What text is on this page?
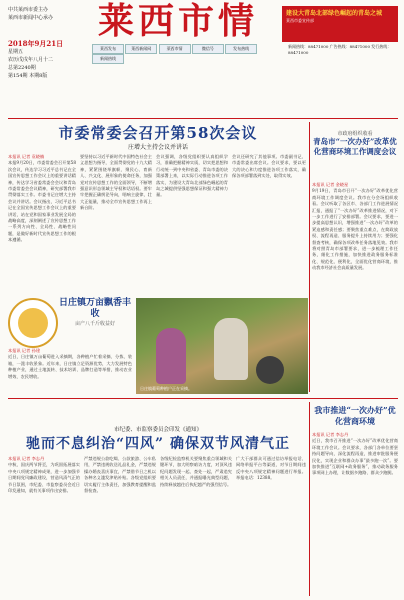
中共莱西市委主办
莱西市新闻中心承办	莱西市情	建设大青岛北部绿色崛起的青岛之城
莱西市委宣传部
2018年9月21日
星期五
农历戊戌年八月十二
总第2240期
第154期 本期8版
莱西发布	莱西新闻网	莱西市情	微信号	发布热线 新闻热线
新闻热线：88471000 广告热线：88471000 发行热线：88471000
市委常委会召开第58次会议
庄增大主持会议并讲话
本报讯 记者 袁晓楠
本报9月20日，市委常委会召开第58次会议，传达学习习近平总书记在全国宣传思想工作会议上的重要讲话精神，传达学习省委常委会会议和青岛市委常委会会议精神，研究部署我市贯彻落实工作。市委书记庄增大主持会议并讲话。会议指出，习近平总书记在全国宣传思想工作会议上的重要讲话，站在党和国家事业发展全局的战略高度，深刻阐述了宣传思想工作一系列方向性、全局性、战略性问题，是做好新时代宣传思想工作的根本遵循。
要坚持以习近平新时代中国特色社会主义思想为指导，全面贯彻党的十九大精神，紧紧围绕举旗帜、聚民心、育新人、兴文化、展形象的使命任务，加强党对宣传思想工作的全面领导，不断增强意识形态领域主导权和话语权。要牢牢把握正确舆论导向，唱响主旋律，壮大正能量，推动全市宣传思想工作再上新台阶。
会议强调，各级党组织要认真组织学习，准确把握精神实质，切实把思想和行动统一到中央和省委、青岛市委的决策部署上来，以实际行动推进各项工作落实，为建设大青岛北部绿色崛起的青岛之城提供坚强思想保证和强大精神力量。
会议还研究了其他事项。市委副书记、市委常委出席会议。会议要求，要以更大的决心和力度推进各项工作落实，确保各项部署落到实处，取得实效。
市政府组织收看
青岛市“一次办好”改革优化营商环境工作调度会议
本报讯 记者 金晓星
9月19日，青岛市召开“一次办好”改革优化营商环境工作调度会议。我市在分会场组织收看。会议听取了各区市、各部门工作进展情况汇报，通报了“一次办好”改革推进情况，对下一步工作进行了安排部署。会议要求，要进一步提高思想认识，增强推进“一次办好”改革的紧迫感和责任感；要聚焦重点难点，在简政放权、流程再造、服务提升上持续用力；要强化督查考核，确保各项改革任务落地见效。我市将对照青岛市部署要求，进一步梳理工作任务，细化工作措施，加快推进政务服务标准化、规范化、便利化，全面优化营商环境，推动我市经济社会高质量发展。
日庄镇万亩飘香丰收
亩产八千斤收益好
本报讯 记者 孙建
近日，日庄镇万亩葡萄进入采摘期，各种植户忙着采摘、分拣、装箱，一派丰收景象。近年来，日庄镇立足资源优势，大力发展特色种植产业，通过土地流转、技术培训、品牌打造等举措，推动农业增效、农民增收。
日庄镇葡萄种植户正在采摘。
市纪委、市监察委员会印发《通知》
驰而不息纠治“四风” 确保双节风清气正
本报讯 记者 李志丹
中秋、国庆两节将至，为巩固拓展落实中央八项规定精神成果，进一步加强节日期间党风廉政建设，营造风清气正的节日氛围，市纪委、市监察委员会近日印发通知，就有关事项作出安排。
严禁违规公款吃喝、公款旅游、公车私用，严禁违规收送礼品礼金，严禁违规操办婚丧喜庆事宜，严禁借节日之机以各种名义滥发津贴补贴。各级党组织要切实履行主体责任，加强教育提醒和监督检查。
各级纪检监察机关要聚焦重点领域和关键环节，加大明察暗访力度，对顶风违纪问题发现一起、查处一起，严肃追究相关人员责任，并通报曝光典型问题，持续释放越往后执纪越严的强烈信号。
广大干部群众可通过信访举报电话、网络举报平台等渠道，对节日期间违反中央八项规定精神问题进行举报。举报电话：12388。
我市推进“一次办好”优化营商环境
本报讯 记者 李志丹
近日，我市召开推进“一次办好”改革优化营商环境工作会议。会议要求，各部门各单位要坚持问题导向，深化流程再造，推进审批服务便民化，实现企业和群众办事“最多跑一次”。要加快推进“互联网+政务服务”，推动政务服务事项网上办理，让数据多跑路、群众少跑腿。
